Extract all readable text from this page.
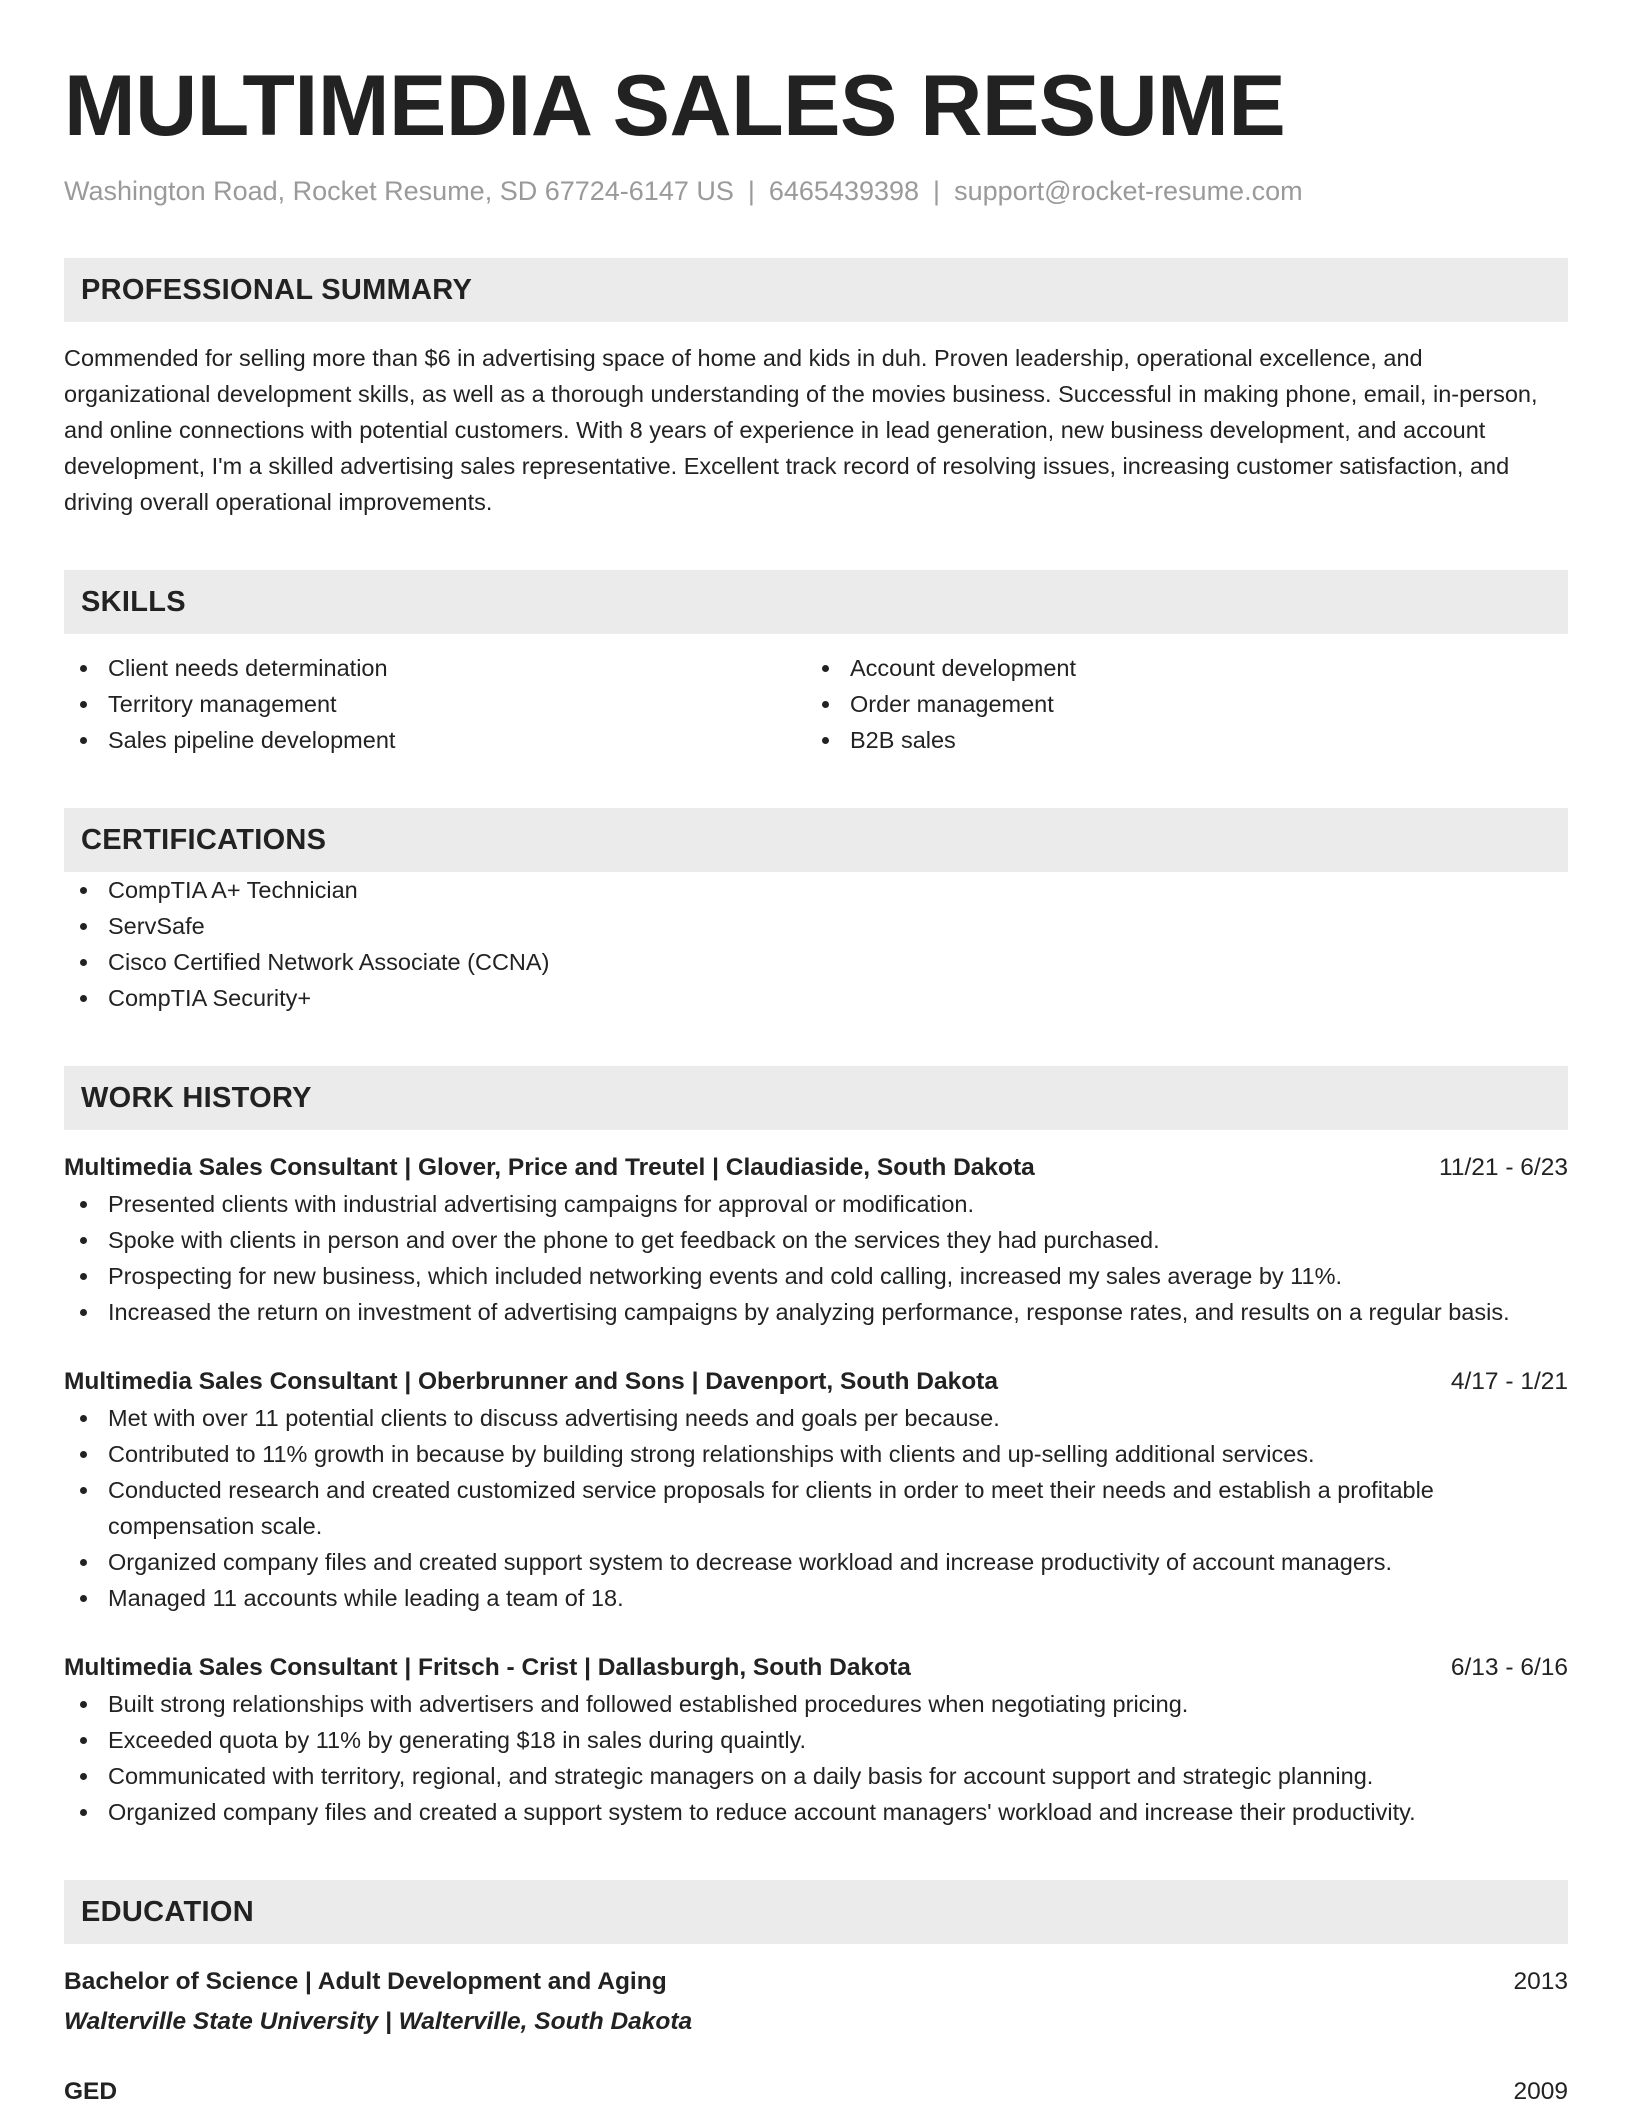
MULTIMEDIA SALES RESUME
Washington Road, Rocket Resume, SD 67724-6147 US | 6465439398 | support@rocket-resume.com
PROFESSIONAL SUMMARY

Commended for selling more than $6 in advertising space of home and kids in duh. Proven leadership, operational excellence, and organizational development skills, as well as a thorough understanding of the movies business. Successful in making phone, email, in-person, and online connections with potential customers. With 8 years of experience in lead generation, new business development, and account development, I'm a skilled advertising sales representative. Excellent track record of resolving issues, increasing customer satisfaction, and driving overall operational improvements.

SKILLS
Client needs determination
Territory management
Sales pipeline development
Account development
Order management
B2B sales
CERTIFICATIONS
CompTIA A+ Technician
ServSafe
Cisco Certified Network Associate (CCNA)
CompTIA Security+
WORK HISTORY
Multimedia Sales Consultant | Glover, Price and Treutel | Claudiaside, South Dakota	11/21 - 6/23
Presented clients with industrial advertising campaigns for approval or modification.
Spoke with clients in person and over the phone to get feedback on the services they had purchased.
Prospecting for new business, which included networking events and cold calling, increased my sales average by 11%.
Increased the return on investment of advertising campaigns by analyzing performance, response rates, and results on a regular basis.
Multimedia Sales Consultant | Oberbrunner and Sons | Davenport, South Dakota	4/17 - 1/21
Met with over 11 potential clients to discuss advertising needs and goals per because.
Contributed to 11% growth in because by building strong relationships with clients and up-selling additional services.
Conducted research and created customized service proposals for clients in order to meet their needs and establish a profitable compensation scale.
Organized company files and created support system to decrease workload and increase productivity of account managers.
Managed 11 accounts while leading a team of 18.
Multimedia Sales Consultant | Fritsch - Crist | Dallasburgh, South Dakota	6/13 - 6/16
Built strong relationships with advertisers and followed established procedures when negotiating pricing.
Exceeded quota by 11% by generating $18 in sales during quaintly.
Communicated with territory, regional, and strategic managers on a daily basis for account support and strategic planning.
Organized company files and created a support system to reduce account managers' workload and increase their productivity.
EDUCATION
Bachelor of Science | Adult Development and Aging	2013
Walterville State University | Walterville, South Dakota
GED	2009
